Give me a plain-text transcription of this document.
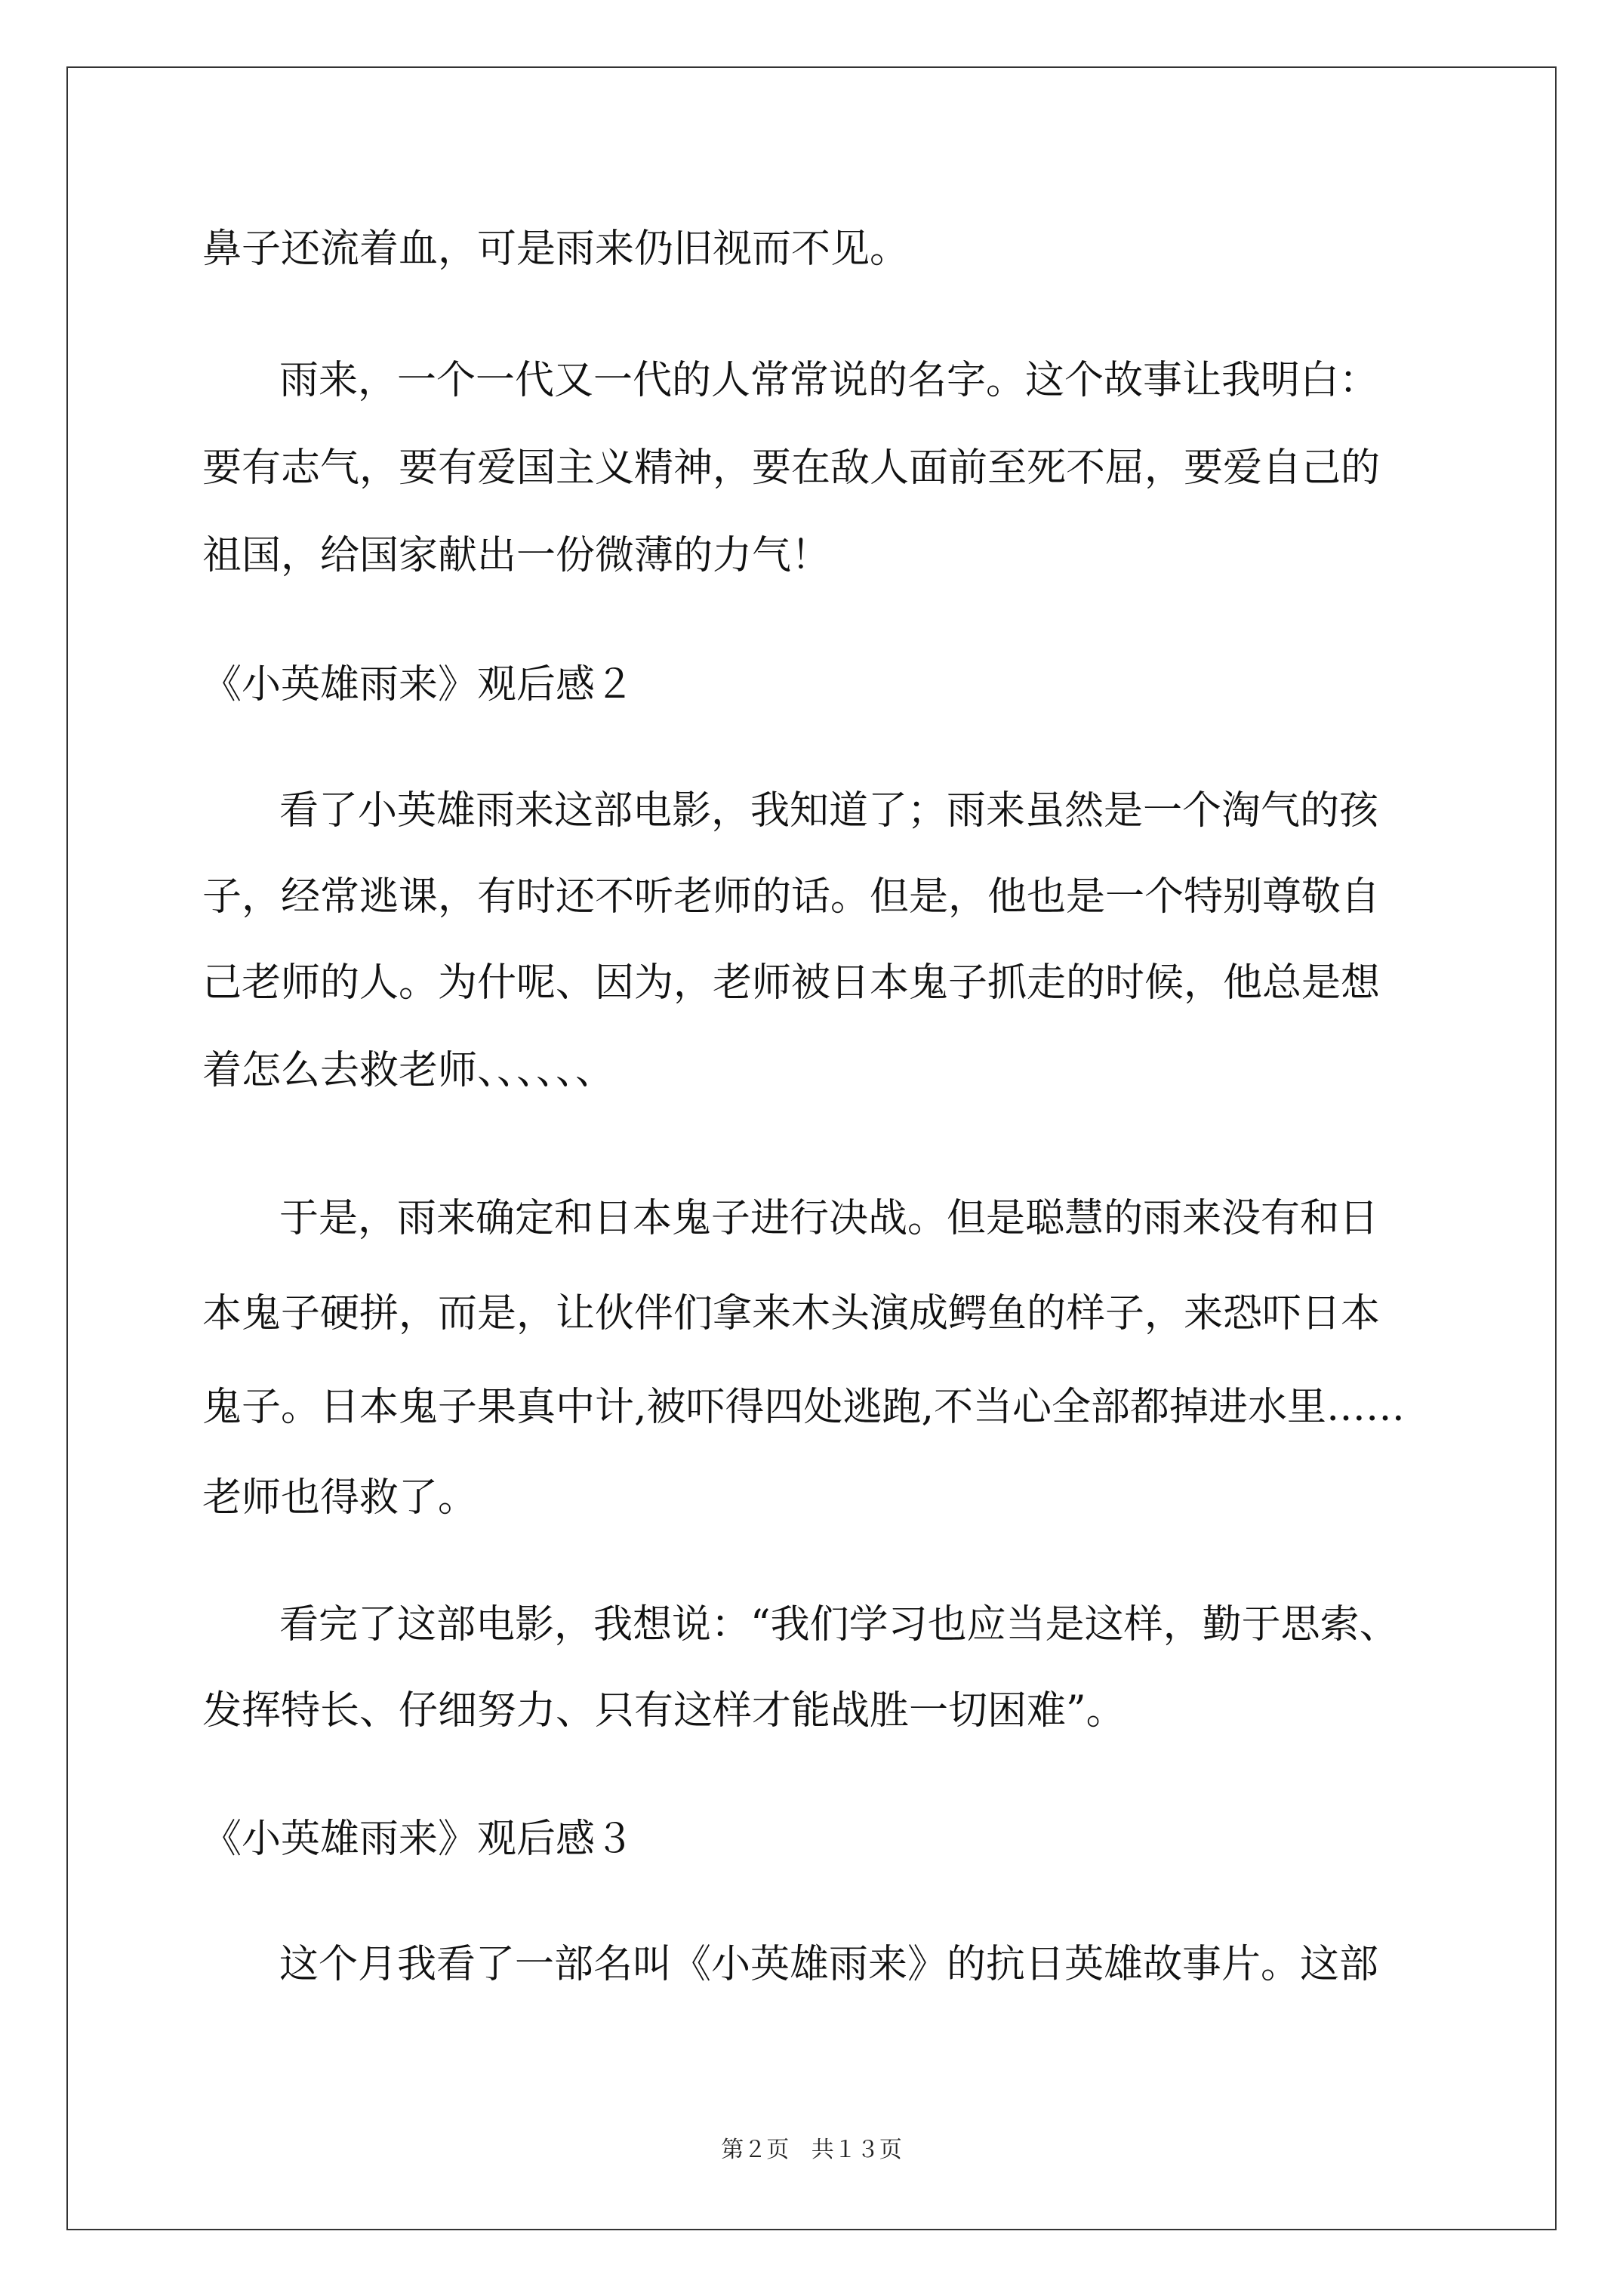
鼻子还流着血，可是雨来仍旧视而不见。
雨来，一个一代又一代的人常常说的名字。这个故事让我明白：
要有志气，要有爱国主义精神，要在敌人面前至死不屈，要爱自己的
祖国，给国家献出一份微薄的力气！
《小英雄雨来》观后感２
看了小英雄雨来这部电影，我知道了；雨来虽然是一个淘气的孩
子，经常逃课，有时还不听老师的话。但是，他也是一个特别尊敬自
己老师的人。为什呢、因为，老师被日本鬼子抓走的时候，他总是想
着怎么去救老师、、、、、、
于是，雨来确定和日本鬼子进行决战。但是聪慧的雨来没有和日
本鬼子硬拼，而是，让伙伴们拿来木头演成鳄鱼的样子，来恐吓日本
鬼子。日本鬼子果真中计,被吓得四处逃跑,不当心全部都掉进水里……
老师也得救了。
看完了这部电影，我想说：“我们学习也应当是这样，勤于思索、
发挥特长、仔细努力、只有这样才能战胜一切困难”。
《小英雄雨来》观后感３
这个月我看了一部名叫《小英雄雨来》的抗日英雄故事片。这部
第２页 共１３页
